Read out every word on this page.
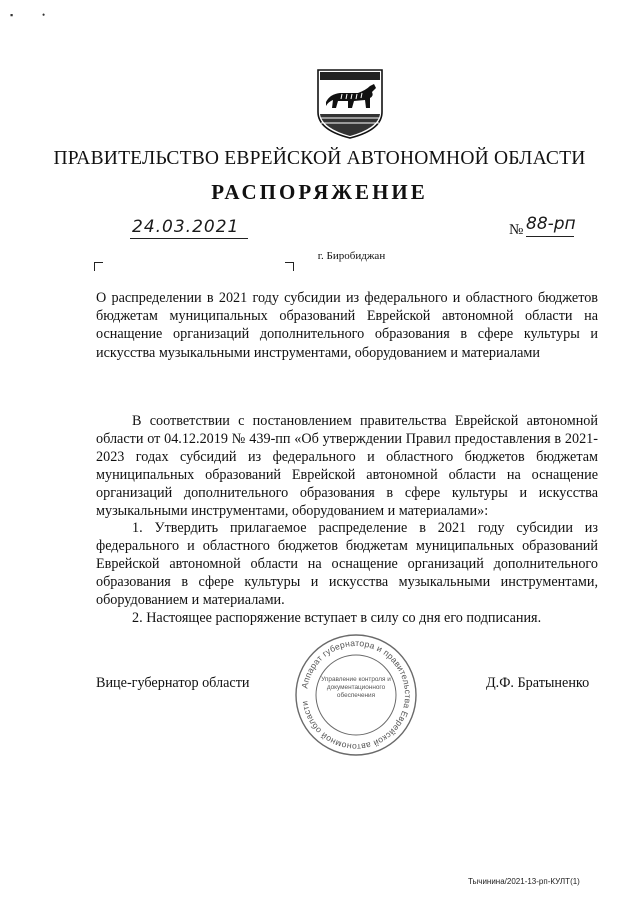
▪	•
ПРАВИТЕЛЬСТВО ЕВРЕЙСКОЙ АВТОНОМНОЙ ОБЛАСТИ
РАСПОРЯЖЕНИЕ
24.03.2021	№ 88-рп
г. Биробиджан
О распределении в 2021 году субсидии из федерального и областного бюджетов бюджетам муниципальных образований Еврейской автономной области на оснащение организаций дополнительного образования в сфере культуры и искусства музыкальными инструментами, оборудованием и материалами

В соответствии с постановлением правительства Еврейской автономной области от 04.12.2019 № 439-пп «Об утверждении Правил предоставления в 2021-2023 годах субсидий из федерального и областного бюджетов бюджетам муниципальных образований Еврейской автономной области на оснащение организаций дополнительного образования в сфере культуры и искусства музыкальными инструментами, оборудованием и материалами»:

1. Утвердить прилагаемое распределение в 2021 году субсидии из федерального и областного бюджетов бюджетам муниципальных образований Еврейской автономной области на оснащение организаций дополнительного образования в сфере культуры и искусства музыкальными инструментами, оборудованием и материалами.

2. Настоящее распоряжение вступает в силу со дня его подписания.

Вице-губернатор области	Д.Ф. Братыненко
Аппарат губернатора и правительства Еврейской автономной области
Управление контроля и документационного обеспечения
Тычинина/2021-13-рп-КУЛТ(1)
